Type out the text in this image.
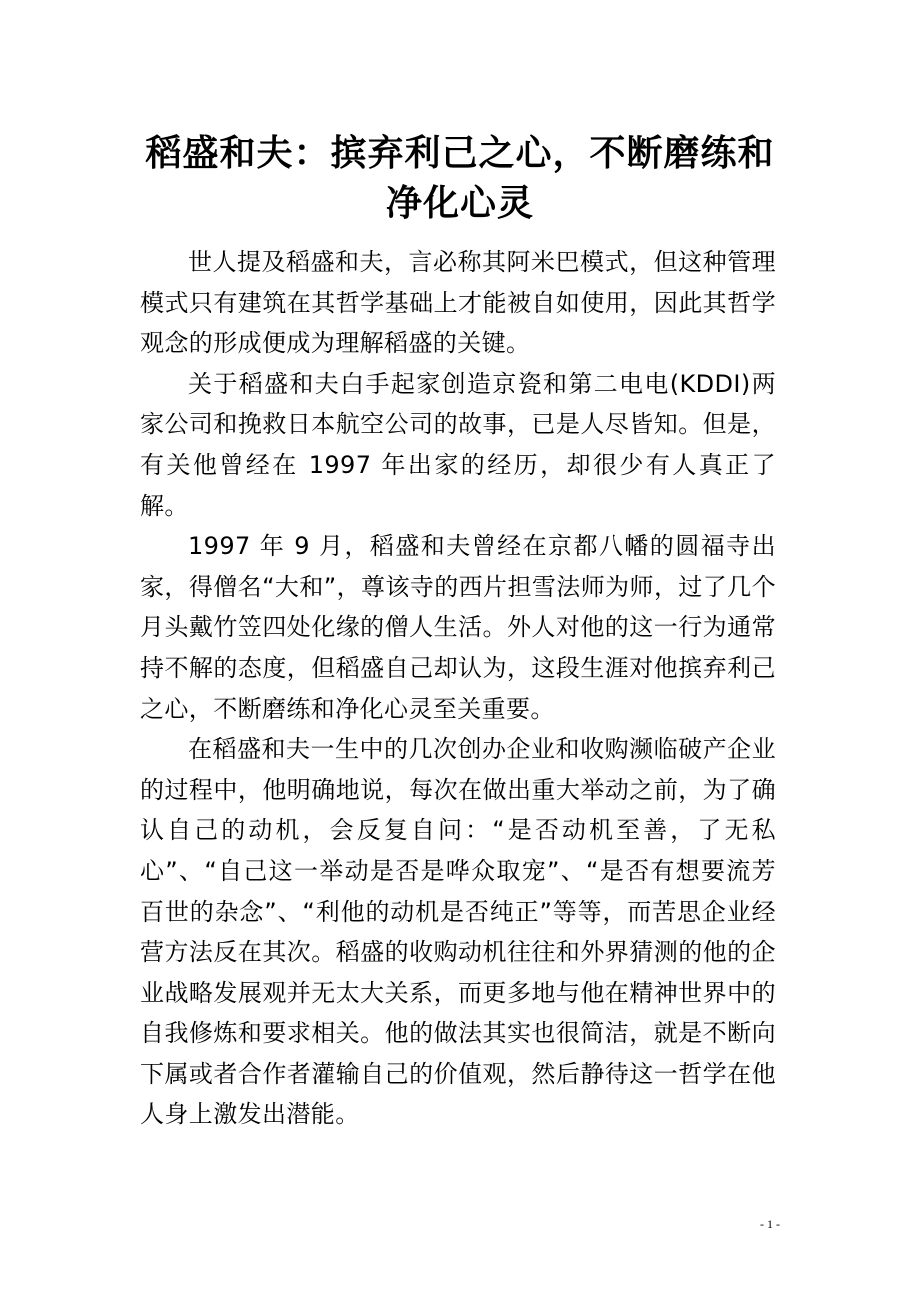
稻盛和夫：摈弃利己之心，不断磨练和净化心灵

世人提及稻盛和夫，言必称其阿米巴模式，但这种管理模式只有建筑在其哲学基础上才能被自如使用，因此其哲学观念的形成便成为理解稻盛的关键。

关于稻盛和夫白手起家创造京瓷和第二电电(KDDI)两家公司和挽救日本航空公司的故事，已是人尽皆知。但是，有关他曾经在 1997 年出家的经历，却很少有人真正了解。

1997 年 9 月，稻盛和夫曾经在京都八幡的圆福寺出家，得僧名“大和”，尊该寺的西片担雪法师为师，过了几个月头戴竹笠四处化缘的僧人生活。外人对他的这一行为通常持不解的态度，但稻盛自己却认为，这段生涯对他摈弃利己之心，不断磨练和净化心灵至关重要。

在稻盛和夫一生中的几次创办企业和收购濒临破产企业的过程中，他明确地说，每次在做出重大举动之前，为了确认自己的动机，会反复自问：“是否动机至善，了无私心”、“自己这一举动是否是哗众取宠”、“是否有想要流芳百世的杂念”、“利他的动机是否纯正”等等，而苦思企业经营方法反在其次。稻盛的收购动机往往和外界猜测的他的企业战略发展观并无太大关系，而更多地与他在精神世界中的自我修炼和要求相关。他的做法其实也很简洁，就是不断向下属或者合作者灌输自己的价值观，然后静待这一哲学在他人身上激发出潜能。

- 1 -
